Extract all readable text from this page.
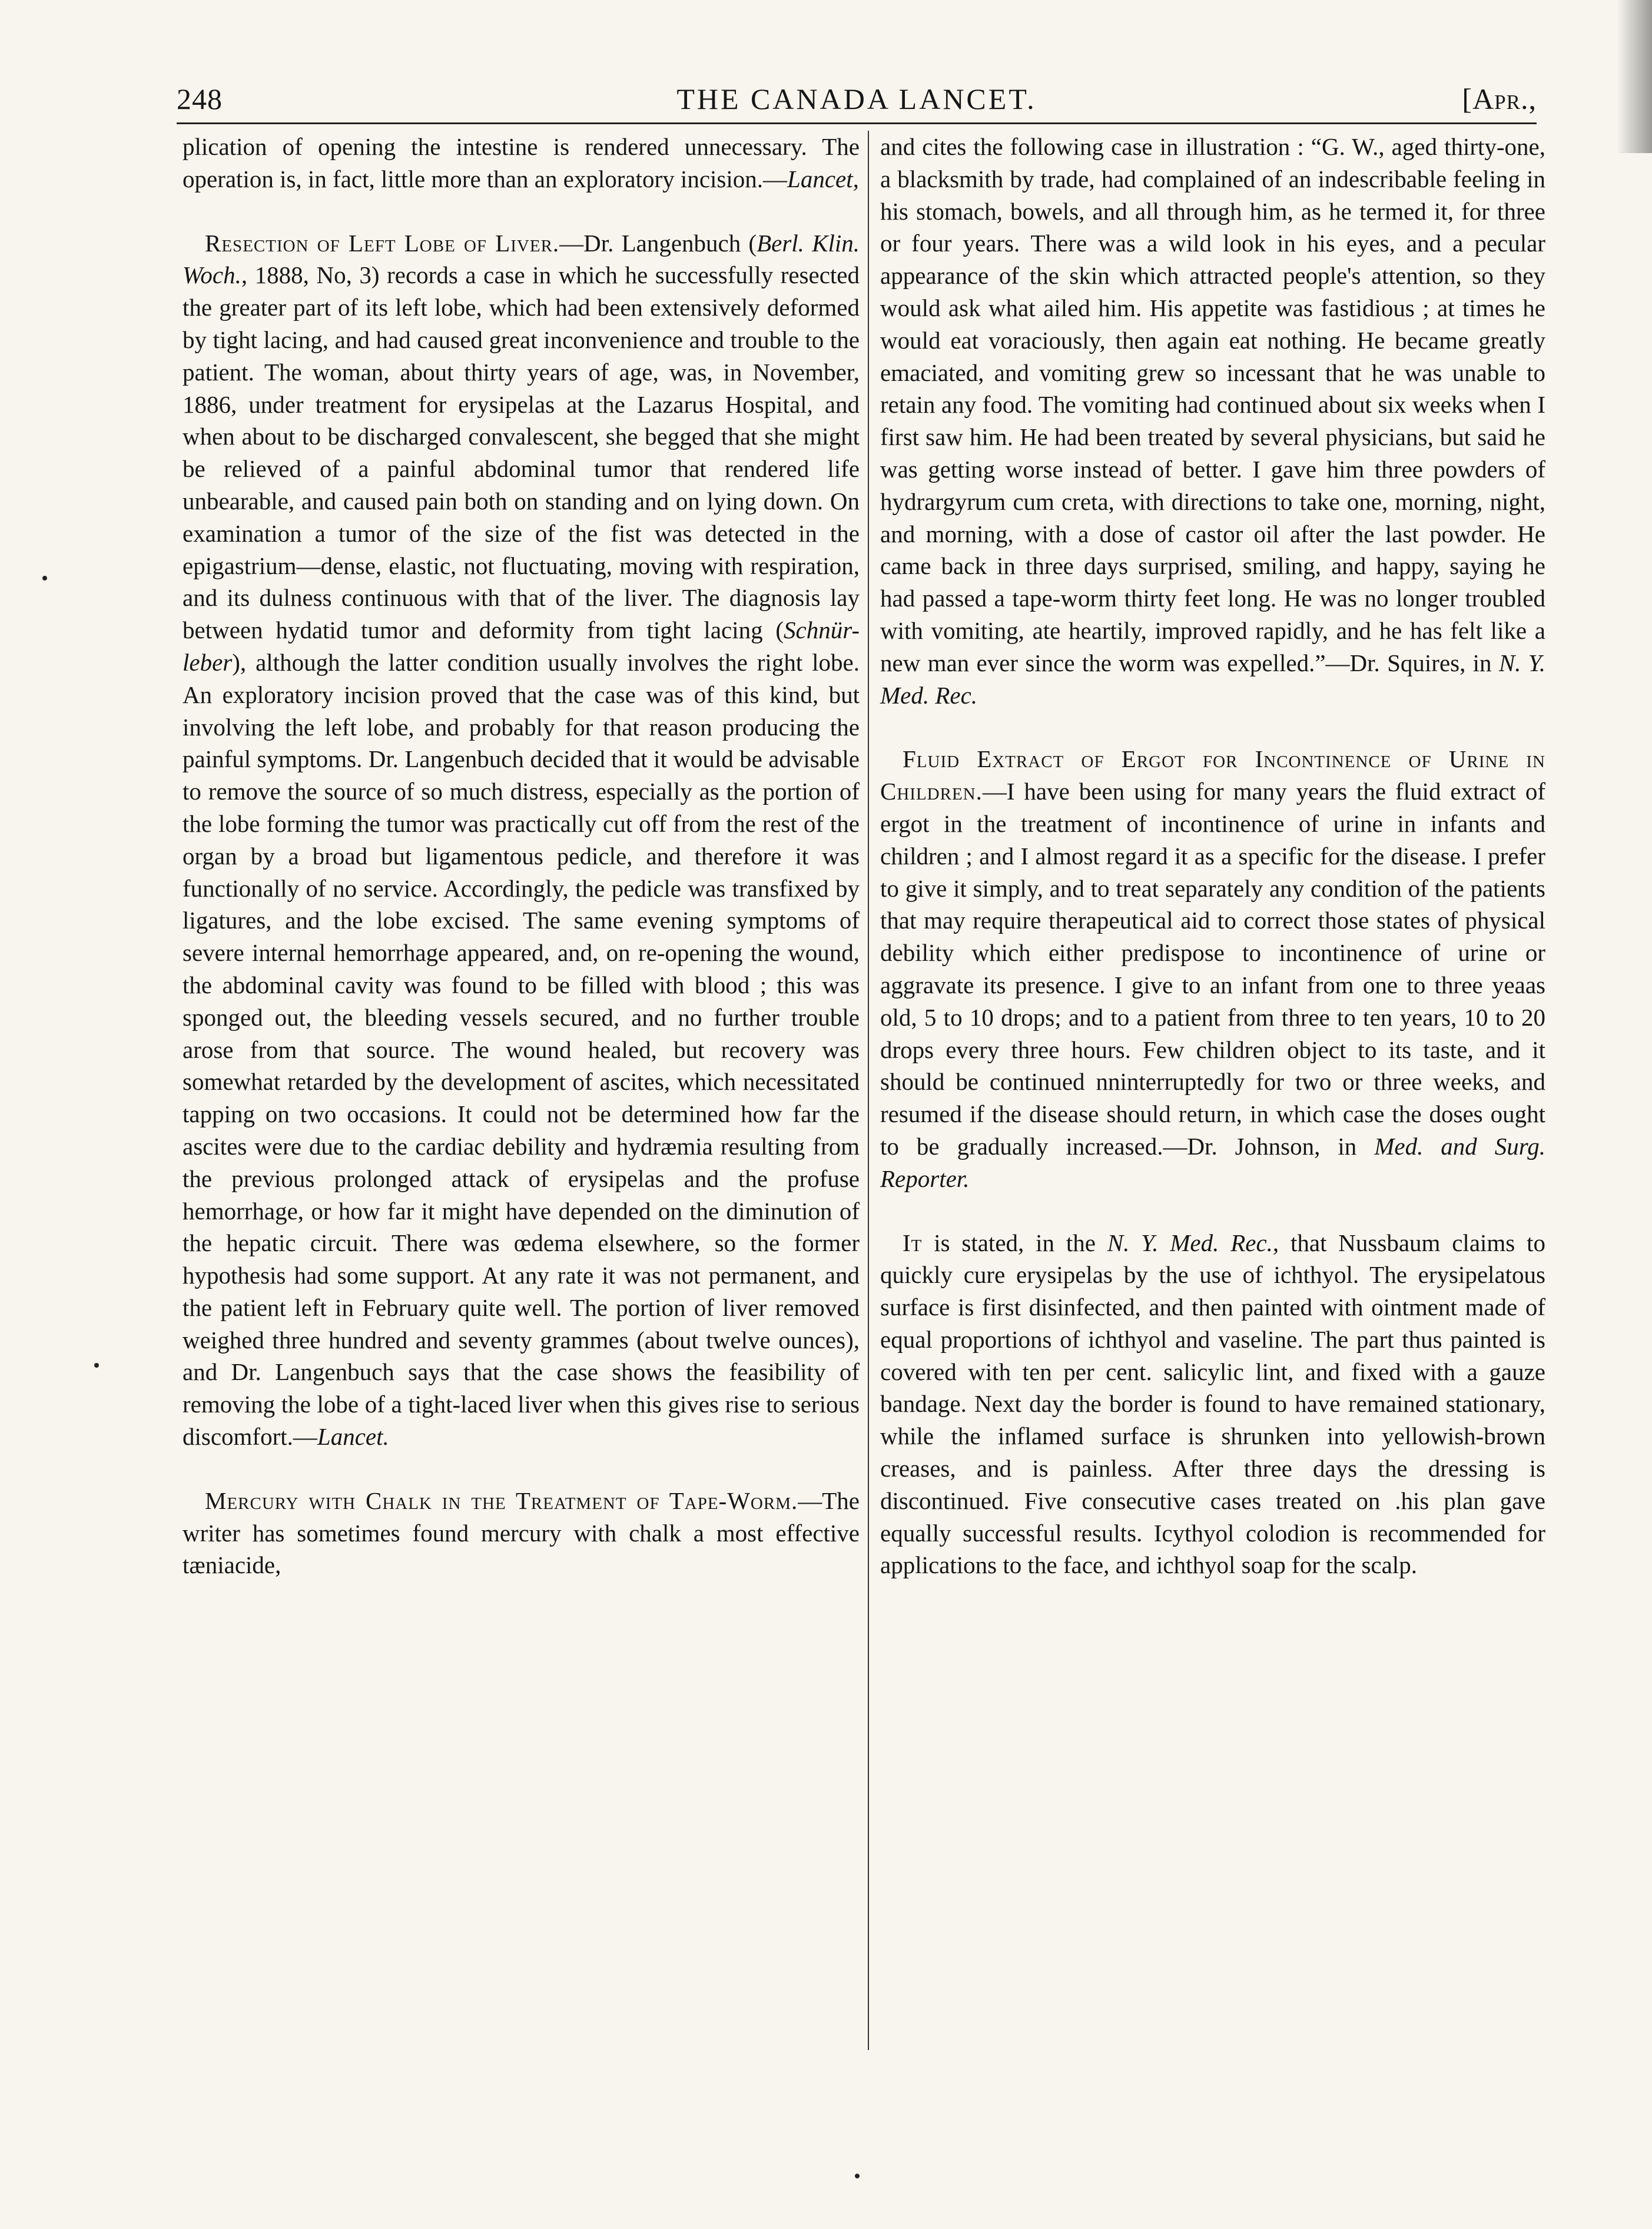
248	THE CANADA LANCET.	[Apr.,

plication of opening the intestine is rendered unnecessary. The operation is, in fact, little more than an exploratory incision.—Lancet,

Resection of Left Lobe of Liver.—Dr. Langenbuch (Berl. Klin. Woch., 1888, No, 3) records a case in which he successfully resected the greater part of its left lobe, which had been extensively deformed by tight lacing, and had caused great inconvenience and trouble to the patient. The woman, about thirty years of age, was, in November, 1886, under treatment for erysipelas at the Lazarus Hospital, and when about to be discharged convalescent, she begged that she might be relieved of a painful abdominal tumor that rendered life unbearable, and caused pain both on standing and on lying down. On examination a tumor of the size of the fist was detected in the epigastrium—dense, elastic, not fluctuating, moving with respiration, and its dulness continuous with that of the liver. The diagnosis lay between hydatid tumor and deformity from tight lacing (Schnür-leber), although the latter condition usually involves the right lobe. An exploratory incision proved that the case was of this kind, but involving the left lobe, and probably for that reason producing the painful symptoms. Dr. Langenbuch decided that it would be advisable to remove the source of so much distress, especially as the portion of the lobe forming the tumor was practically cut off from the rest of the organ by a broad but ligamentous pedicle, and therefore it was functionally of no service. Accordingly, the pedicle was transfixed by ligatures, and the lobe excised. The same evening symptoms of severe internal hemorrhage appeared, and, on re-opening the wound, the abdominal cavity was found to be filled with blood ; this was sponged out, the bleeding vessels secured, and no further trouble arose from that source. The wound healed, but recovery was somewhat retarded by the development of ascites, which necessitated tapping on two occasions. It could not be determined how far the ascites were due to the cardiac debility and hydræmia resulting from the previous prolonged attack of erysipelas and the profuse hemorrhage, or how far it might have depended on the diminution of the hepatic circuit. There was œdema elsewhere, so the former hypothesis had some support. At any rate it was not permanent, and the patient left in February quite well. The portion of liver removed weighed three hundred and seventy grammes (about twelve ounces), and Dr. Langenbuch says that the case shows the feasibility of removing the lobe of a tight-laced liver when this gives rise to serious discomfort.—Lancet.

Mercury with Chalk in the Treatment of Tape-Worm.—The writer has sometimes found mercury with chalk a most effective tæniacide,

and cites the following case in illustration : “G. W., aged thirty-one, a blacksmith by trade, had complained of an indescribable feeling in his stomach, bowels, and all through him, as he termed it, for three or four years. There was a wild look in his eyes, and a pecular appearance of the skin which attracted people's attention, so they would ask what ailed him. His appetite was fastidious ; at times he would eat voraciously, then again eat nothing. He became greatly emaciated, and vomiting grew so incessant that he was unable to retain any food. The vomiting had continued about six weeks when I first saw him. He had been treated by several physicians, but said he was getting worse instead of better. I gave him three powders of hydrargyrum cum creta, with directions to take one, morning, night, and morning, with a dose of castor oil after the last powder. He came back in three days surprised, smiling, and happy, saying he had passed a tape-worm thirty feet long. He was no longer troubled with vomiting, ate heartily, improved rapidly, and he has felt like a new man ever since the worm was expelled.”—Dr. Squires, in N. Y. Med. Rec.

Fluid Extract of Ergot for Incontinence of Urine in Children.—I have been using for many years the fluid extract of ergot in the treatment of incontinence of urine in infants and children ; and I almost regard it as a specific for the disease. I prefer to give it simply, and to treat separately any condition of the patients that may require therapeutical aid to correct those states of physical debility which either predispose to incontinence of urine or aggravate its presence. I give to an infant from one to three yeaas old, 5 to 10 drops; and to a patient from three to ten years, 10 to 20 drops every three hours. Few children object to its taste, and it should be continued nninterruptedly for two or three weeks, and resumed if the disease should return, in which case the doses ought to be gradually increased.—Dr. Johnson, in Med. and Surg. Reporter.

It is stated, in the N. Y. Med. Rec., that Nussbaum claims to quickly cure erysipelas by the use of ichthyol. The erysipelatous surface is first disinfected, and then painted with ointment made of equal proportions of ichthyol and vaseline. The part thus painted is covered with ten per cent. salicylic lint, and fixed with a gauze bandage. Next day the border is found to have remained stationary, while the inflamed surface is shrunken into yellowish-brown creases, and is painless. After three days the dressing is discontinued. Five consecutive cases treated on .his plan gave equally successful results. Icythyol colodion is recommended for applications to the face, and ichthyol soap for the scalp.
